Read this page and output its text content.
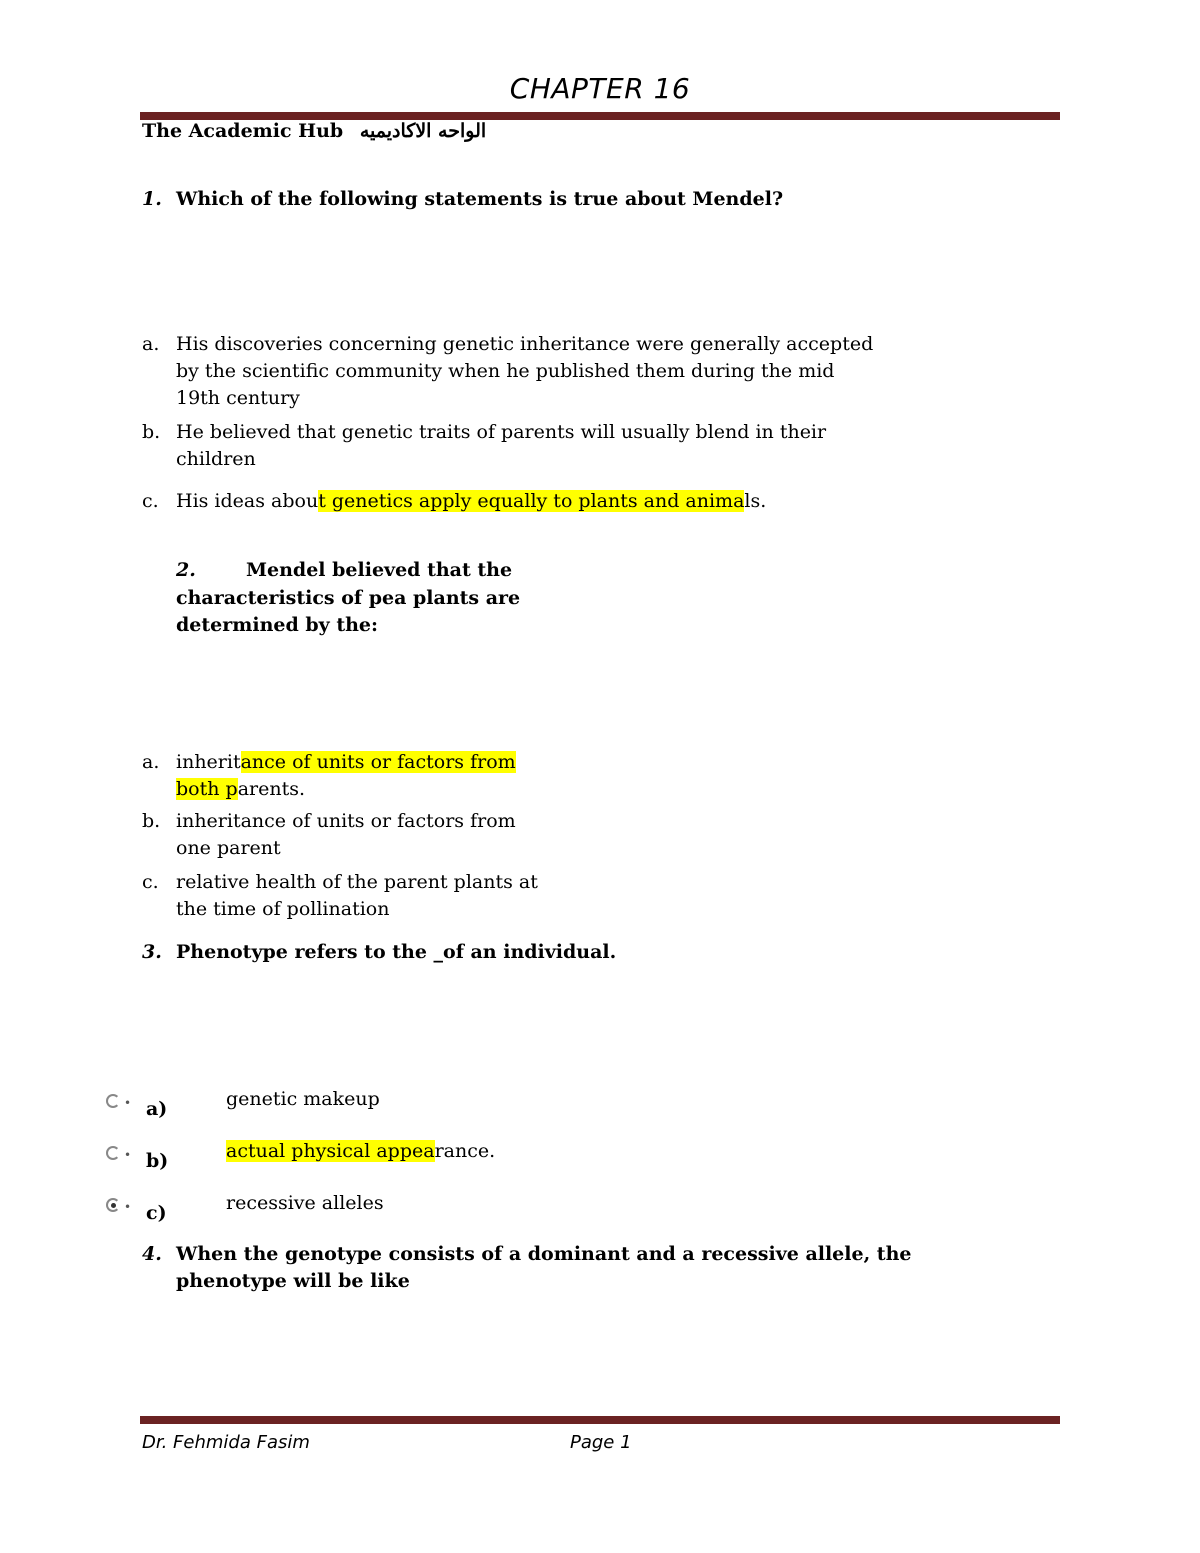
CHAPTER 16
The Academic Hub الواحه الاكاديميه
1. Which of the following statements is true about Mendel?
a. His discoveries concerning genetic inheritance were generally accepted
by the scientific community when he published them during the mid
19th century
b. He believed that genetic traits of parents will usually blend in their
children
c. His ideas about genetics apply equally to plants and animals.
2.	Mendel believed that the
characteristics of pea plants are
determined by the:
a. inheritance of units or factors from
both parents.
b. inheritance of units or factors from
one parent
c. relative health of the parent plants at
the time of pollination
3. Phenotype refers to the _of an individual.
• a)	genetic makeup
• b)	actual physical appearance.
• c)	recessive alleles
4. When the genotype consists of a dominant and a recessive allele, the
phenotype will be like
Dr. Fehmida Fasim	Page 1
